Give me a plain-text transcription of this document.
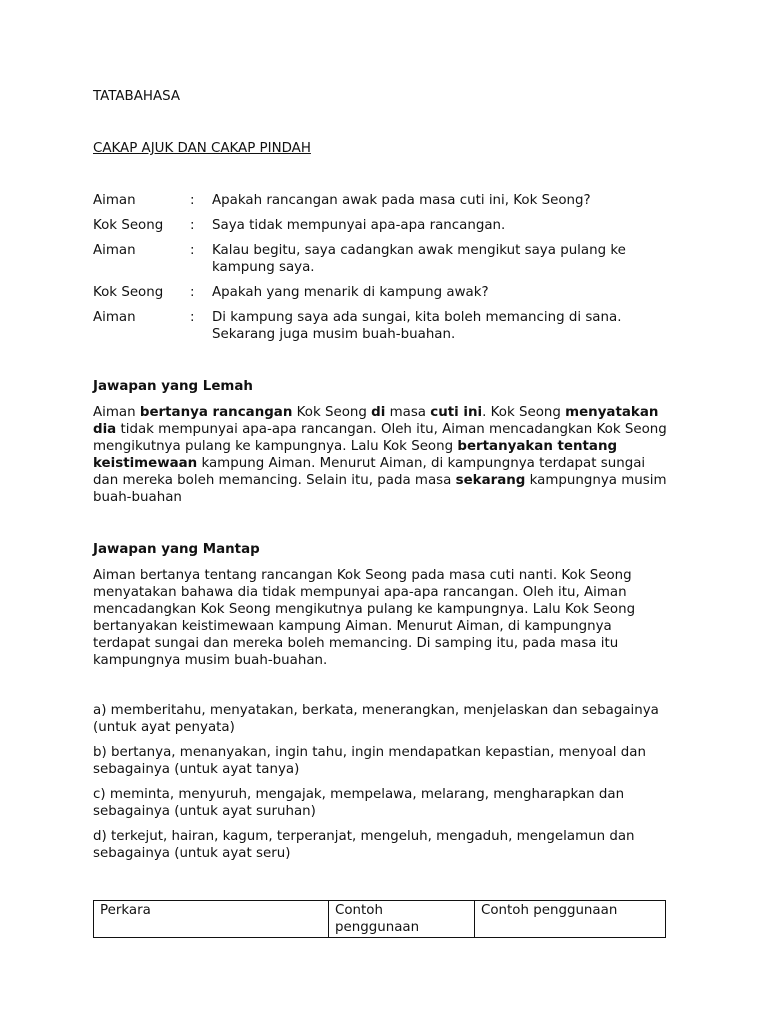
TATABAHASA
CAKAP AJUK DAN CAKAP PINDAH
Aiman	:	Apakah rancangan awak pada masa cuti ini, Kok Seong?
Kok Seong	:	Saya tidak mempunyai apa-apa rancangan.
Aiman	:	Kalau begitu, saya cadangkan awak mengikut saya pulang ke kampung saya.
Kok Seong	:	Apakah yang menarik di kampung awak?
Aiman	:	Di kampung saya ada sungai, kita boleh memancing di sana. Sekarang juga musim buah-buahan.
Jawapan yang Lemah
Aiman bertanya rancangan Kok Seong di masa cuti ini. Kok Seong menyatakan dia tidak mempunyai apa-apa rancangan. Oleh itu, Aiman mencadangkan Kok Seong mengikutnya pulang ke kampungnya. Lalu Kok Seong bertanyakan tentang keistimewaan kampung Aiman. Menurut Aiman, di kampungnya terdapat sungai dan mereka boleh memancing. Selain itu, pada masa sekarang kampungnya musim buah-buahan
Jawapan yang Mantap
Aiman bertanya tentang rancangan Kok Seong pada masa cuti nanti. Kok Seong menyatakan bahawa dia tidak mempunyai apa-apa rancangan. Oleh itu, Aiman mencadangkan Kok Seong mengikutnya pulang ke kampungnya. Lalu Kok Seong bertanyakan keistimewaan kampung Aiman. Menurut Aiman, di kampungnya terdapat sungai dan mereka boleh memancing. Di samping itu, pada masa itu kampungnya musim buah-buahan.

a) memberitahu, menyatakan, berkata, menerangkan, menjelaskan dan sebagainya (untuk ayat penyata)

b) bertanya, menanyakan, ingin tahu, ingin mendapatkan kepastian, menyoal dan sebagainya (untuk ayat tanya)

c) meminta, menyuruh, mengajak, mempelawa, melarang, mengharapkan dan sebagainya (untuk ayat suruhan)

d) terkejut, hairan, kagum, terperanjat, mengeluh, mengaduh, mengelamun dan sebagainya (untuk ayat seru)

Perkara	Contoh penggunaan	Contoh penggunaan
